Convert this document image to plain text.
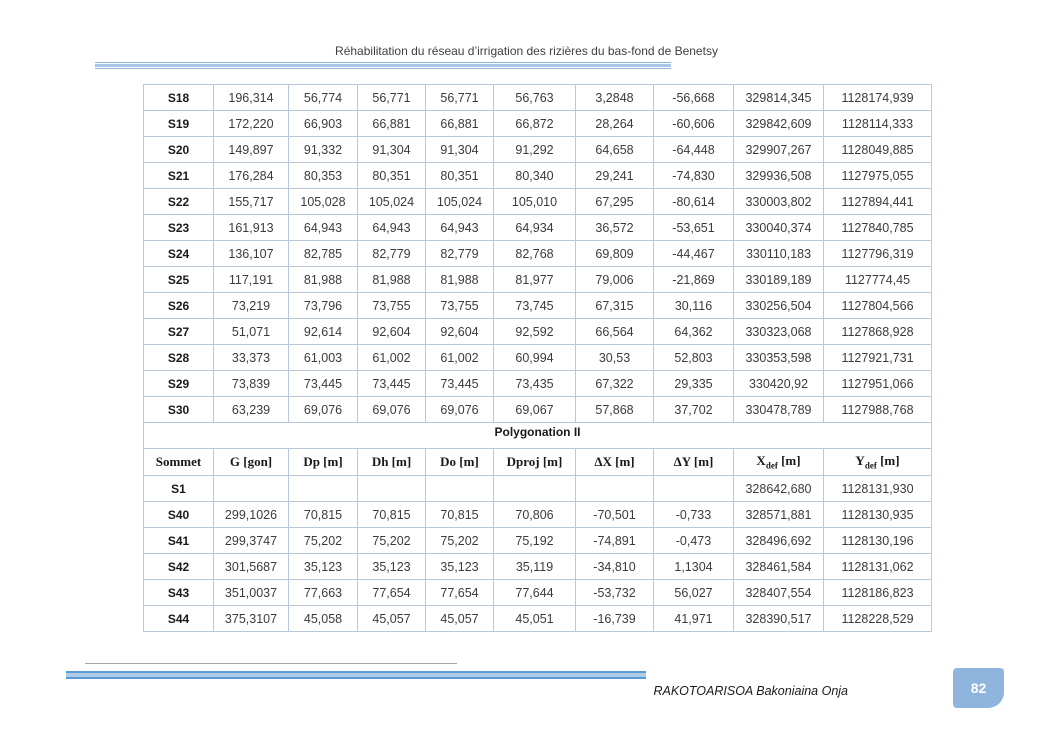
Réhabilitation du réseau d’irrigation des rizières du bas-fond de Benetsy
S18	196,314	56,774	56,771	56,771	56,763	3,2848	-56,668	329814,345	1128174,939
S19	172,220	66,903	66,881	66,881	66,872	28,264	-60,606	329842,609	1128114,333
S20	149,897	91,332	91,304	91,304	91,292	64,658	-64,448	329907,267	1128049,885
S21	176,284	80,353	80,351	80,351	80,340	29,241	-74,830	329936,508	1127975,055
S22	155,717	105,028	105,024	105,024	105,010	67,295	-80,614	330003,802	1127894,441
S23	161,913	64,943	64,943	64,943	64,934	36,572	-53,651	330040,374	1127840,785
S24	136,107	82,785	82,779	82,779	82,768	69,809	-44,467	330110,183	1127796,319
S25	117,191	81,988	81,988	81,988	81,977	79,006	-21,869	330189,189	1127774,45
S26	73,219	73,796	73,755	73,755	73,745	67,315	30,116	330256,504	1127804,566
S27	51,071	92,614	92,604	92,604	92,592	66,564	64,362	330323,068	1127868,928
S28	33,373	61,003	61,002	61,002	60,994	30,53	52,803	330353,598	1127921,731
S29	73,839	73,445	73,445	73,445	73,435	67,322	29,335	330420,92	1127951,066
S30	63,239	69,076	69,076	69,076	69,067	57,868	37,702	330478,789	1127988,768
Polygonation II									
Sommet	G [gon]	Dp [m]	Dh [m]	Do [m]	Dproj [m]	ΔX [m]	ΔY [m]	$X_{def}$ [m]	$Y_{def}$ [m]
S1								328642,680	1128131,930
S40	299,1026	70,815	70,815	70,815	70,806	-70,501	-0,733	328571,881	1128130,935
S41	299,3747	75,202	75,202	75,202	75,192	-74,891	-0,473	328496,692	1128130,196
S42	301,5687	35,123	35,123	35,123	35,119	-34,810	1,1304	328461,584	1128131,062
S43	351,0037	77,663	77,654	77,654	77,644	-53,732	56,027	328407,554	1128186,823
S44	375,3107	45,058	45,057	45,057	45,051	-16,739	41,971	328390,517	1128228,529
RAKOTOARISOA Bakoniaina Onja	82
